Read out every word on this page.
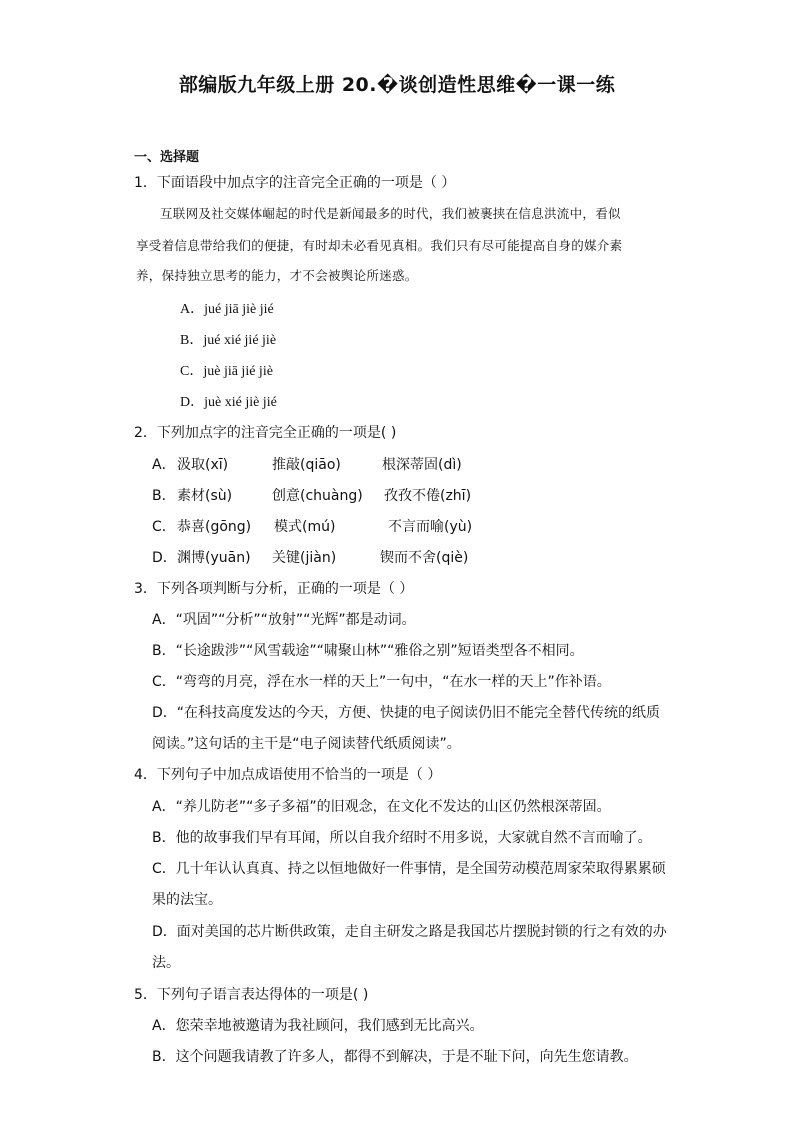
部编版九年级上册 20.�谈创造性思维�一课一练
一、选择题
1．下面语段中加点字的注音完全正确的一项是（ ）
互联网及社交媒体崛起的时代是新闻最多的时代，我们被裹挟在信息洪流中，看似
享受着信息带给我们的便捷，有时却未必看见真相。我们只有尽可能提高自身的媒介素
养，保持独立思考的能力，才不会被舆论所迷惑。
A．jué jiā jiè jié
B．jué xié jié jiè
C．juè jiā jié jiè
D．juè xié jiè jié
2．下列加点字的注音完全正确的一项是( )
A． 汲取(xī)	推敲(qiāo)	根深蒂固(dì)
B． 素材(sù)	创意(chuàng) 孜孜不倦(zhī)
C． 恭喜(gōng) 模式(mú)	不言而喻(yù)
D． 渊博(yuān) 关键(jiàn)	锲而不舍(qiè)
3．下列各项判断与分析，正确的一项是（ ）
A．“巩固”“分析”“放射”“光辉”都是动词。
B．“长途跋涉”“风雪载途”“啸聚山林”“雅俗之别”短语类型各不相同。
C．“弯弯的月亮，浮在水一样的天上”一句中，“在水一样的天上”作补语。
D．“在科技高度发达的今天，方便、快捷的电子阅读仍旧不能完全替代传统的纸质
阅读。”这句话的主干是“电子阅读替代纸质阅读”。
4．下列句子中加点成语使用不恰当的一项是（ ）
A．“养儿防老”“多子多福”的旧观念，在文化不发达的山区仍然根深蒂固。
B．他的故事我们早有耳闻，所以自我介绍时不用多说，大家就自然不言而喻了。
C．几十年认认真真、持之以恒地做好一件事情，是全国劳动模范周家荣取得累累硕
果的法宝。
D．面对美国的芯片断供政策，走自主研发之路是我国芯片摆脱封锁的行之有效的办
法。
5．下列句子语言表达得体的一项是( )
A．您荣幸地被邀请为我社顾问，我们感到无比高兴。
B．这个问题我请教了许多人，都得不到解决，于是不耻下问，向先生您请教。
